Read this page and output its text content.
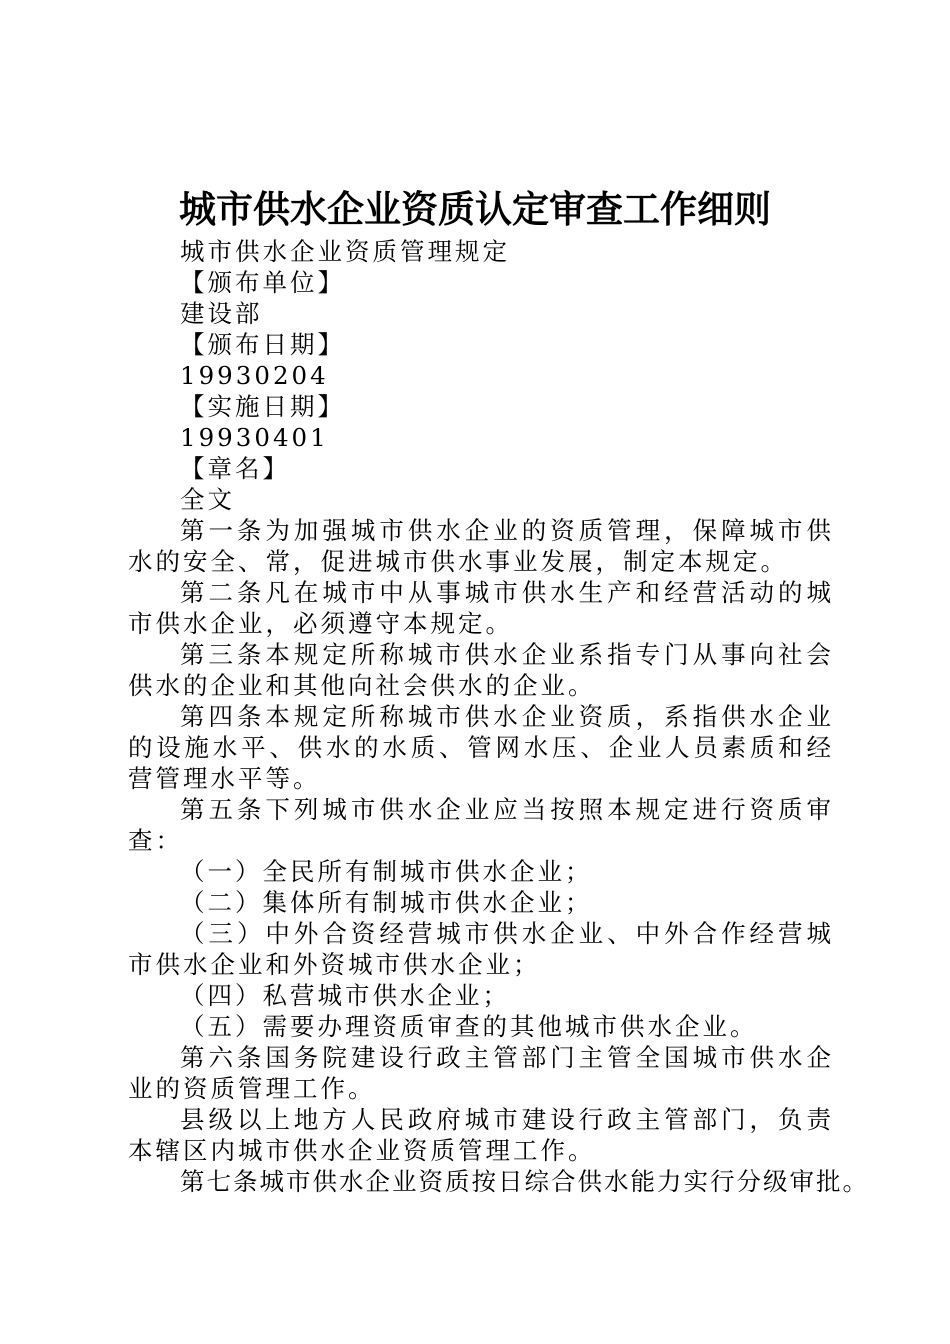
城市供水企业资质认定审查工作细则

城市供水企业资质管理规定

【颁布单位】

建设部

【颁布日期】

19930204

【实施日期】

19930401

【章名】

全文

第一条为加强城市供水企业的资质管理，保障城市供水的安全、常，促进城市供水事业发展，制定本规定。

第二条凡在城市中从事城市供水生产和经营活动的城市供水企业，必须遵守本规定。

第三条本规定所称城市供水企业系指专门从事向社会供水的企业和其他向社会供水的企业。

第四条本规定所称城市供水企业资质，系指供水企业的设施水平、供水的水质、管网水压、企业人员素质和经营管理水平等。

第五条下列城市供水企业应当按照本规定进行资质审查：

（一）全民所有制城市供水企业；

（二）集体所有制城市供水企业；

（三）中外合资经营城市供水企业、中外合作经营城市供水企业和外资城市供水企业；

（四）私营城市供水企业；

（五）需要办理资质审查的其他城市供水企业。

第六条国务院建设行政主管部门主管全国城市供水企业的资质管理工作。

县级以上地方人民政府城市建设行政主管部门，负责本辖区内城市供水企业资质管理工作。

第七条城市供水企业资质按日综合供水能力实行分级审批。
